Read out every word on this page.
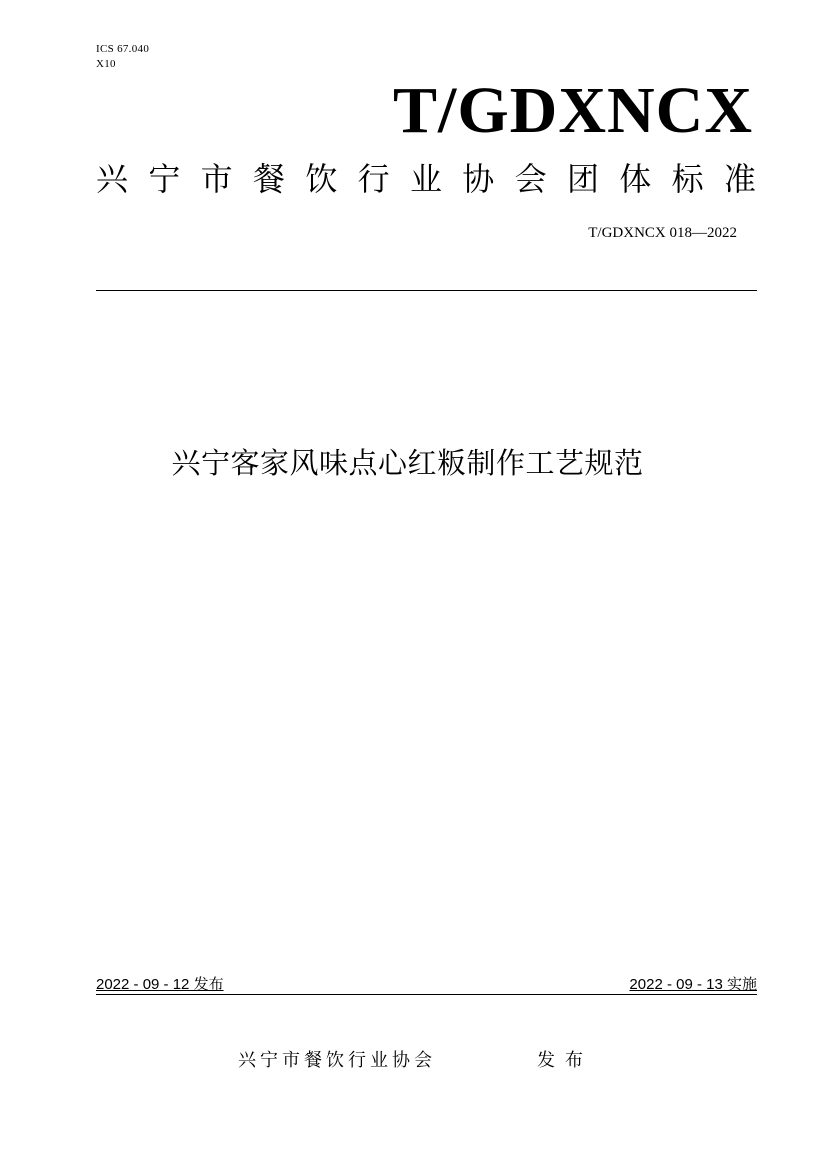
ICS 67.040
X10
T/GDXNCX
兴 宁 市 餐 饮 行 业 协 会 团 体 标 准
T/GDXNCX 018—2022
兴宁客家风味点心红粄制作工艺规范
2022 - 09 - 12 发布	2022 - 09 - 13 实施
兴宁市餐饮行业协会	发布
